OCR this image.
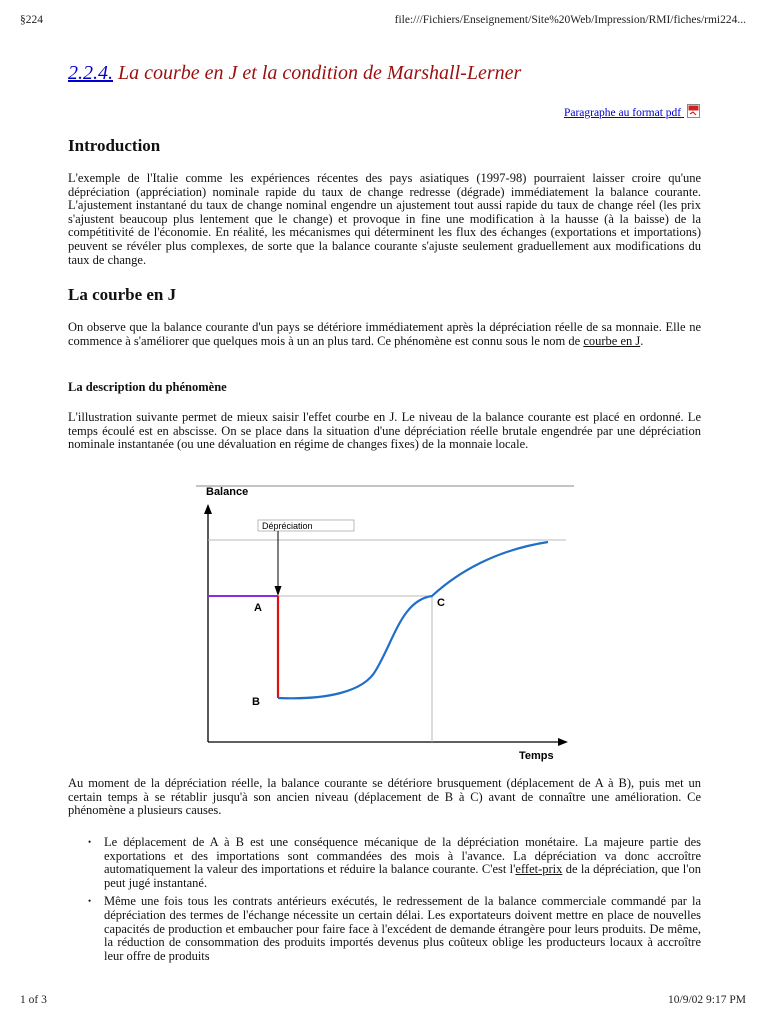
§224	file:///Fichiers/Enseignement/Site%20Web/Impression/RMI/fiches/rmi224...
2.2.4. La courbe en J et la condition de Marshall-Lerner
Paragraphe au format pdf
Introduction

L'exemple de l'Italie comme les expériences récentes des pays asiatiques (1997-98) pourraient laisser croire qu'une dépréciation (appréciation) nominale rapide du taux de change redresse (dégrade) immédiatement la balance courante. L'ajustement instantané du taux de change nominal engendre un ajustement tout aussi rapide du taux de change réel (les prix s'ajustent beaucoup plus lentement que le change) et provoque in fine une modification à la hausse (à la baisse) de la compétitivité de l'économie. En réalité, les mécanismes qui déterminent les flux des échanges (exportations et importations) peuvent se révéler plus complexes, de sorte que la balance courante s'ajuste seulement graduellement aux modifications du taux de change.

La courbe en J

On observe que la balance courante d'un pays se détériore immédiatement après la dépréciation réelle de sa monnaie. Elle ne commence à s'améliorer que quelques mois à un an plus tard. Ce phénomène est connu sous le nom de courbe en J.

La description du phénomène

L'illustration suivante permet de mieux saisir l'effet courbe en J. Le niveau de la balance courante est placé en ordonné. Le temps écoulé est en abscisse. On se place dans la situation d'une dépréciation réelle brutale engendrée par une dépréciation nominale instantanée (ou une dévaluation en régime de changes fixes) de la monnaie locale.

Balance
Temps
Dépréciation
A
B
C

Au moment de la dépréciation réelle, la balance courante se détériore brusquement (déplacement de A à B), puis met un certain temps à se rétablir jusqu'à son ancien niveau (déplacement de B à C) avant de connaître une amélioration. Ce phénomène a plusieurs causes.

• Le déplacement de A à B est une conséquence mécanique de la dépréciation monétaire. La majeure partie des exportations et des importations sont commandées des mois à l'avance. La dépréciation va donc accroître automatiquement la valeur des importations et réduire la balance courante. C'est l'effet-prix de la dépréciation, que l'on peut jugé instantané.
• Même une fois tous les contrats antérieurs exécutés, le redressement de la balance commerciale commandé par la dépréciation des termes de l'échange nécessite un certain délai. Les exportateurs doivent mettre en place de nouvelles capacités de production et embaucher pour faire face à l'excédent de demande étrangère pour leurs produits. De même, la réduction de consommation des produits importés devenus plus coûteux oblige les producteurs locaux à accroître leur offre de produits
1 of 3	10/9/02 9:17 PM
